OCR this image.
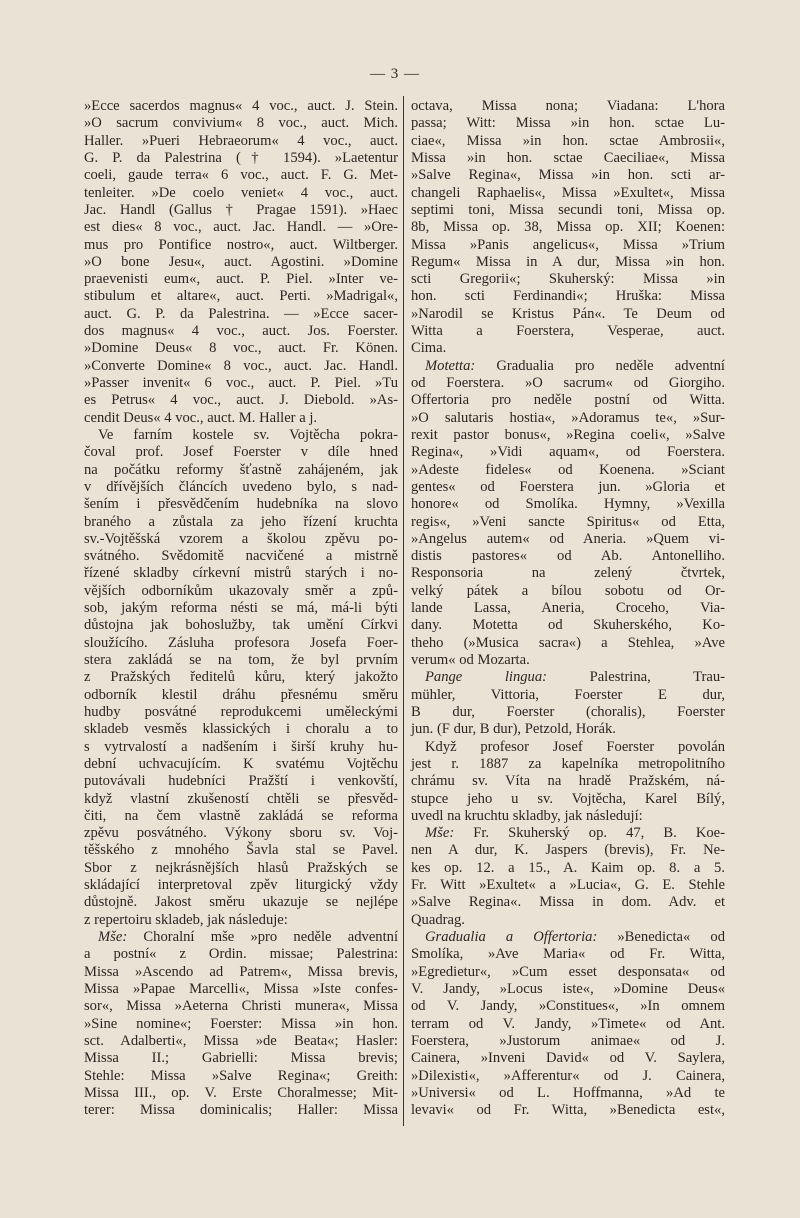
— 3 —
»Ecce sacerdos magnus« 4 voc., auct. J. Stein.
»O sacrum convivium« 8 voc., auct. Mich.
Haller. »Pueri Hebraeorum« 4 voc., auct.
G. P. da Palestrina († 1594). »Laetentur
coeli, gaude terra« 6 voc., auct. F. G. Met-
tenleiter. »De coelo veniet« 4 voc., auct.
Jac. Handl (Gallus † Pragae 1591). »Haec
est dies« 8 voc., auct. Jac. Handl. — »Ore-
mus pro Pontifice nostro«, auct. Wiltberger.
»O bone Jesu«, auct. Agostini. »Domine
praevenisti eum«, auct. P. Piel. »Inter ve-
stibulum et altare«, auct. Perti. »Madrigal«,
auct. G. P. da Palestrina. — »Ecce sacer-
dos magnus« 4 voc., auct. Jos. Foerster.
»Domine Deus« 8 voc., auct. Fr. Könen.
»Converte Domine« 8 voc., auct. Jac. Handl.
»Passer invenit« 6 voc., auct. P. Piel. »Tu
es Petrus« 4 voc., auct. J. Diebold. »As-
cendit Deus« 4 voc., auct. M. Haller a j.
Ve farním kostele sv. Vojtěcha pokra-
čoval prof. Josef Foerster v díle hned
na počátku reformy šťastně zahájeném, jak
v dřívějších článcích uvedeno bylo, s nad-
šením i přesvědčením hudebníka na slovo
braného a zůstala za jeho řízení kruchta
sv.-Vojtěšská vzorem a školou zpěvu po-
svátného. Svědomitě nacvičené a mistrně
řízené skladby církevní mistrů starých i no-
vějších odborníkům ukazovaly směr a způ-
sob, jakým reforma nésti se má, má-li býti
důstojna jak bohoslužby, tak umění Církvi
sloužícího. Zásluha profesora Josefa Foer-
stera zakládá se na tom, že byl prvním
z Pražských ředitelů kůru, který jakožto
odborník klestil dráhu přesnému směru
hudby posvátné reprodukcemi uměleckými
skladeb vesměs klassických i choralu a to
s vytrvalostí a nadšením i širší kruhy hu-
dební uchvacujícím. K svatému Vojtěchu
putovávali hudebníci Pražští i venkovští,
když vlastní zkušeností chtěli se přesvěd-
čiti, na čem vlastně zakládá se reforma
zpěvu posvátného. Výkony sboru sv. Voj-
těšského z mnohého Šavla stal se Pavel.
Sbor z nejkrásnějších hlasů Pražských se
skládající interpretoval zpěv liturgický vždy
důstojně. Jakost směru ukazuje se nejlépe
z repertoiru skladeb, jak následuje:
Mše: Choralní mše »pro neděle adventní
a postní« z Ordin. missae; Palestrina:
Missa »Ascendo ad Patrem«, Missa brevis,
Missa »Papae Marcelli«, Missa »Iste confes-
sor«, Missa »Aeterna Christi munera«, Missa
»Sine nomine«; Foerster: Missa »in hon.
sct. Adalberti«, Missa »de Beata«; Hasler:
Missa II.; Gabrielli: Missa brevis;
Stehle: Missa »Salve Regina«; Greith:
Missa III., op. V. Erste Choralmesse; Mit-
terer: Missa dominicalis; Haller: Missa
octava, Missa nona; Viadana: L'hora
passa; Witt: Missa »in hon. sctae Lu-
ciae«, Missa »in hon. sctae Ambrosii«,
Missa »in hon. sctae Caeciliae«, Missa
»Salve Regina«, Missa »in hon. scti ar-
changeli Raphaelis«, Missa »Exultet«, Missa
septimi toni, Missa secundi toni, Missa op.
8b, Missa op. 38, Missa op. XII; Koenen:
Missa »Panis angelicus«, Missa »Trium
Regum« Missa in A dur, Missa »in hon.
scti Gregorii«; Skuherský: Missa »in
hon. scti Ferdinandi«; Hruška: Missa
»Narodil se Kristus Pán«. Te Deum od
Witta a Foerstera, Vesperae, auct.
Cima.
Motetta: Gradualia pro neděle adventní
od Foerstera. »O sacrum« od Giorgiho.
Offertoria pro neděle postní od Witta.
»O salutaris hostia«, »Adoramus te«, »Sur-
rexit pastor bonus«, »Regina coeli«, »Salve
Regina«, »Vidi aquam«, od Foerstera.
»Adeste fideles« od Koenena. »Sciant
gentes« od Foerstera jun. »Gloria et
honore« od Smolíka. Hymny, »Vexilla
regis«, »Veni sancte Spiritus« od Etta,
»Angelus autem« od Aneria. »Quem vi-
distis pastores« od Ab. Antonelliho.
Responsoria na zelený čtvrtek,
velký pátek a bílou sobotu od Or-
lande Lassa, Aneria, Croceho, Via-
dany. Motetta od Skuherského, Ko-
theho (»Musica sacra«) a Stehlea, »Ave
verum« od Mozarta.
Pange lingua: Palestrina, Trau-
mühler, Vittoria, Foerster E dur,
B dur, Foerster (choralis), Foerster
jun. (F dur, B dur), Petzold, Horák.
Když profesor Josef Foerster povolán
jest r. 1887 za kapelníka metropolitního
chrámu sv. Víta na hradě Pražském, ná-
stupce jeho u sv. Vojtěcha, Karel Bílý,
uvedl na kruchtu skladby, jak následují:
Mše: Fr. Skuherský op. 47, B. Koe-
nen A dur, K. Jaspers (brevis), Fr. Ne-
kes op. 12. a 15., A. Kaim op. 8. a 5.
Fr. Witt »Exultet« a »Lucia«, G. E. Stehle
»Salve Regina«. Missa in dom. Adv. et
Quadrag.
Gradualia a Offertoria: »Benedicta« od
Smolíka, »Ave Maria« od Fr. Witta,
»Egredietur«, »Cum esset desponsata« od
V. Jandy, »Locus iste«, »Domine Deus«
od V. Jandy, »Constitues«, »In omnem
terram od V. Jandy, »Timete« od Ant.
Foerstera, »Justorum animae« od J.
Cainera, »Inveni David« od V. Saylera,
»Dilexisti«, »Afferentur« od J. Cainera,
»Universi« od L. Hoffmanna, »Ad te
levavi« od Fr. Witta, »Benedicta est«,
